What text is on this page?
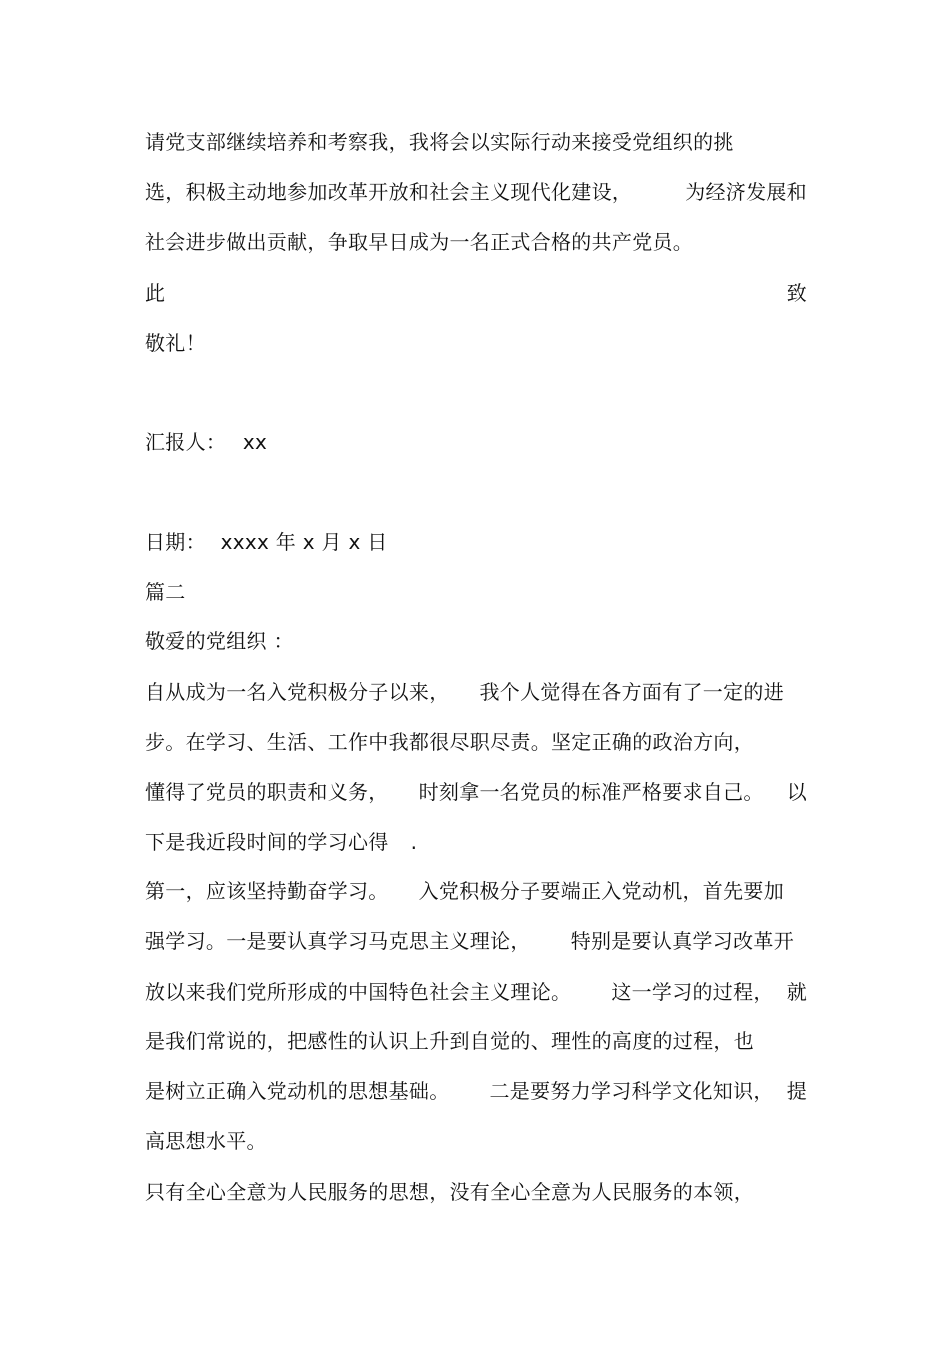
请党支部继续培养和考察我，我将会以实际行动来接受党组织的挑
选，积极主动地参加改革开放和社会主义现代化建设，	为经济发展和
社会进步做出贡献，争取早日成为一名正式合格的共产党员。
此	致
敬礼！
汇报人： xx
日期： xxxx 年 x 月 x 日
篇二
敬爱的党组织 ：
自从成为一名入党积极分子以来， 我个人觉得在各方面有了一定的进
步。在学习、生活、工作中我都很尽职尽责。坚定正确的政治方向，
懂得了党员的职责和义务， 时刻拿一名党员的标准严格要求自己。 以
下是我近段时间的学习心得 .
第一，应该坚持勤奋学习。 入党积极分子要端正入党动机，首先要加
强学习。一是要认真学习马克思主义理论， 特别是要认真学习改革开
放以来我们党所形成的中国特色社会主义理论。 这一学习的过程， 就
是我们常说的，把感性的认识上升到自觉的、理性的高度的过程，也
是树立正确入党动机的思想基础。 二是要努力学习科学文化知识， 提
高思想水平。
只有全心全意为人民服务的思想，没有全心全意为人民服务的本领，
